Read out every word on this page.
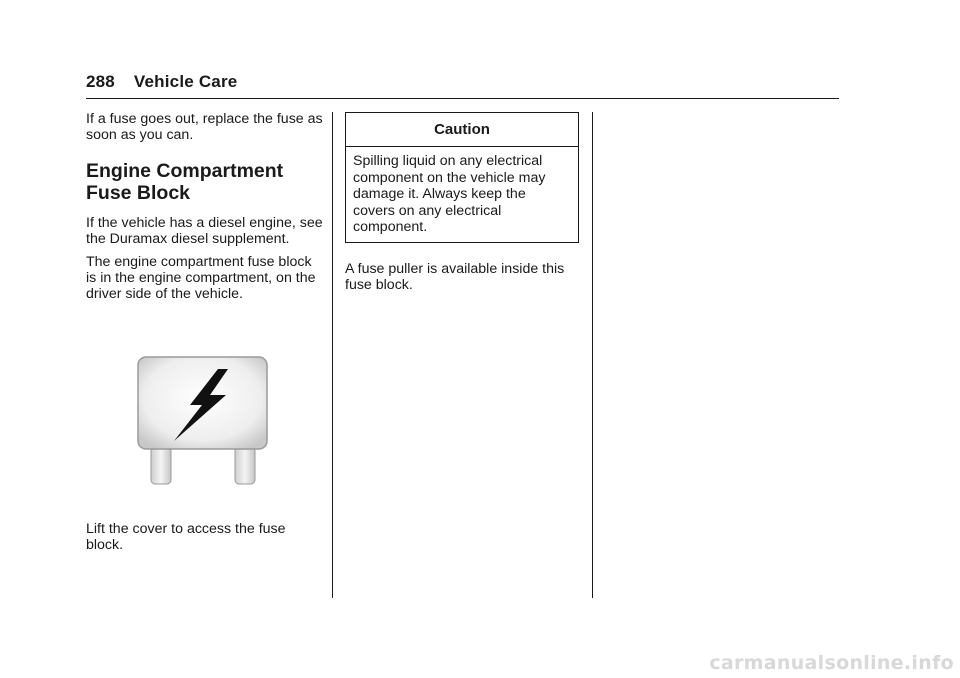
288 Vehicle Care

If a fuse goes out, replace the fuse as soon as you can.

Engine Compartment
Fuse Block

If the vehicle has a diesel engine, see the Duramax diesel supplement.

The engine compartment fuse block is in the engine compartment, on the driver side of the vehicle.

Lift the cover to access the fuse block.
Caution
Spilling liquid on any electrical component on the vehicle may damage it. Always keep the covers on any electrical component.

A fuse puller is available inside this fuse block.

carmanualsonline.info
